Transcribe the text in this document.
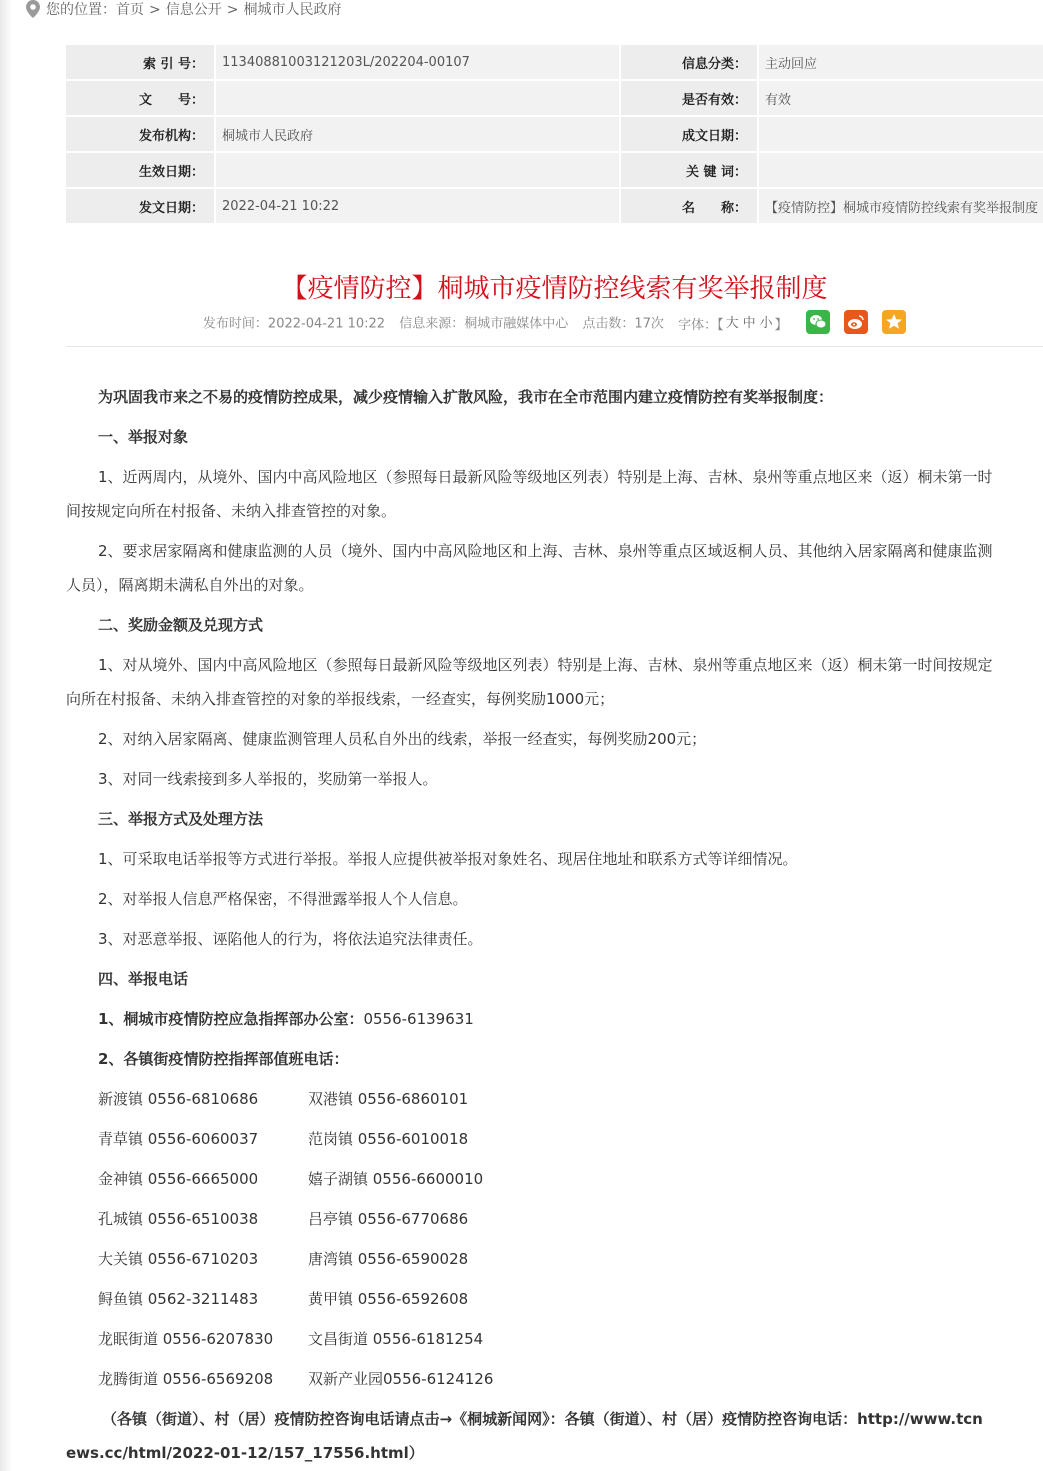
您的位置：首页 > 信息公开 > 桐城市人民政府
索 引 号：	11340881003121203L/202204-00107	信息分类：	主动回应
文　　号：		是否有效：	有效
发布机构：	桐城市人民政府	成文日期：	
生效日期：		关 键 词：	
发文日期：	2022-04-21 10:22	名　　称：	【疫情防控】桐城市疫情防控线索有奖举报制度
【疫情防控】桐城市疫情防控线索有奖举报制度
发布时间：2022-04-21 10:22 信息来源：桐城市融媒体中心 点击数：17次 字体：【 大 中 小 】

为巩固我市来之不易的疫情防控成果，减少疫情输入扩散风险，我市在全市范围内建立疫情防控有奖举报制度：

一、举报对象

1、近两周内，从境外、国内中高风险地区（参照每日最新风险等级地区列表）特别是上海、吉林、泉州等重点地区来（返）桐未第一时

间按规定向所在村报备、未纳入排查管控的对象。

2、要求居家隔离和健康监测的人员（境外、国内中高风险地区和上海、吉林、泉州等重点区域返桐人员、其他纳入居家隔离和健康监测

人员），隔离期未满私自外出的对象。

二、奖励金额及兑现方式

1、对从境外、国内中高风险地区（参照每日最新风险等级地区列表）特别是上海、吉林、泉州等重点地区来（返）桐未第一时间按规定

向所在村报备、未纳入排查管控的对象的举报线索，一经查实，每例奖励1000元；

2、对纳入居家隔离、健康监测管理人员私自外出的线索，举报一经查实，每例奖励200元；

3、对同一线索接到多人举报的，奖励第一举报人。

三、举报方式及处理方法

1、可采取电话举报等方式进行举报。举报人应提供被举报对象姓名、现居住地址和联系方式等详细情况。

2、对举报人信息严格保密，不得泄露举报人个人信息。

3、对恶意举报、诬陷他人的行为，将依法追究法律责任。

四、举报电话

1、桐城市疫情防控应急指挥部办公室：0556-6139631

2、各镇街疫情防控指挥部值班电话：

新渡镇 0556-6810686	双港镇 0556-6860101
青草镇 0556-6060037	范岗镇 0556-6010018
金神镇 0556-6665000	嬉子湖镇 0556-6600010
孔城镇 0556-6510038	吕亭镇 0556-6770686
大关镇 0556-6710203	唐湾镇 0556-6590028
鲟鱼镇 0562-3211483	黄甲镇 0556-6592608
龙眠街道 0556-6207830 文昌街道 0556-6181254
龙腾街道 0556-6569208 双新产业园0556-6124126

（各镇（街道）、村（居）疫情防控咨询电话请点击→《桐城新闻网》：各镇（街道）、村（居）疫情防控咨询电话：http://www.tcn

ews.cc/html/2022-01-12/157_17556.html）
